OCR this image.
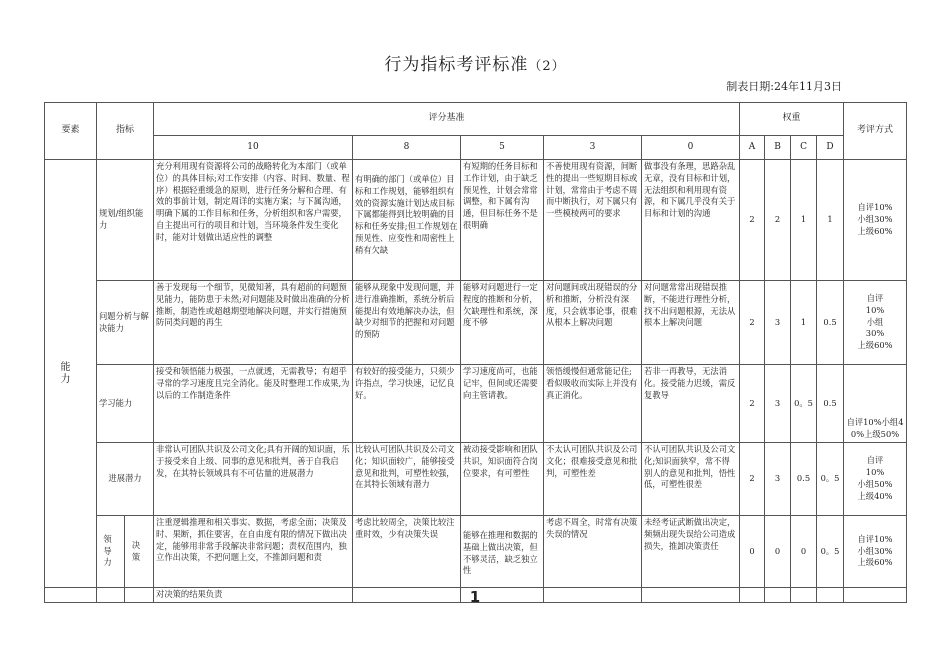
行为指标考评标准（2）
制表日期:24年11月3日
要素	指标		评分基准					权重				考评方式
			10	8	5	3	0	A	B	C	D	
能 力	规划/组织能力		充分利用现有资源将公司的战略转化为本部门（或单位）的具体目标;对工作安排（内容、时间、数量、程序）根据轻重缓急的原则，进行任务分解和合理、有效的事前计划，制定周详的实施方案；与下属沟通，明确下属的工作目标和任务，分析组织和客户需要，自主提出可行的项目和计划，当环境条件发生变化时，能对计划做出适应性的调整	有明确的部门（或单位）目标和工作规划，能够组织有效的资源实施计划达成目标下属都能得到比较明确的目标和任务安排;但工作规划在预见性、应变性和周密性上稍有欠缺	有短期的任务目标和工作计划，由于缺乏预见性，计划会常常调整，和下属有沟通，但目标任务不是很明确	不善使用现有资源，间断性的提出一些短期目标或计划，常常由于考虑不周而中断执行，对下属只有一些模棱两可的要求	做事没有条理，思路杂乱无章，没有目标和计划，无法组织和利用现有资源，和下属几乎没有关于目标和计划的沟通	2	2	1	1	自评10%
小组30%
上级60%
	问题分析与解决能力		善于发现每一个细节，见微知著，具有超前的问题预见能力，能防患于未然;对问题能及时做出准确的分析推断，制造性或超越期望地解决问题，并实行措施预防同类问题的再生	能够从现象中发现问题，并进行准确推断，系统分析后能提出有效地解决办法，但缺少对细节的把握和对问题的预防	能够对问题进行一定程度的推断和分析，欠缺理性和系统，深度不够	对问题间或出现错误的分析和推断，分析没有深度，只会就事论事，很难从根本上解决问题	对问题常常出现错误推断，不能进行理性分析，找不出问题根源，无法从根本上解决问题	2	3	1	0.5	自评
10%
小组
30%
上级60%
	学习能力		接受和领悟能力极强，一点就透，无需教导；有超乎寻常的学习速度且完全消化。能及时整理工作成果,为以后的工作制造条件	有较好的接受能力，只须少许指点，学习快速，记忆良好。	学习速度尚可，也能记牢，但间或还需要向主管请教。	领悟缓慢但通常能记住;看似吸收而实际上并没有真正消化。	若非一再教导，无法消化。接受能力迟缓，需反复教导	2	3	0。5	0.5	自评10%小组40%上级50%
	进展潜力		非常认可团队共识及公司文化;具有开阔的知识面，乐于接受来自上级、同事的意见和批判，善于自我启发，在其特长领域具有不可估量的进展潜力	比较认可团队共识及公司文化；知识面较广，能够接受意见和批判，可塑性较强，在其特长领域有潜力	被动接受影响和团队共识，知识面符合岗位要求，有可塑性	不太认可团队共识及公司文化；很难接受意见和批判，可塑性差	不认可团队共识及公司文化;知识面狭窄，常不得别人的意见和批判，悟性低，可塑性很差	2	3	0.5	0。5	自评
10%
小组50%
上级40%
	领导力	决策	注重逻辑推理和相关事实、数据，考虑全面；决策及时、果断，抓住要害，在自由度有限的情况下做出决定，能够用非常手段解决非常问题；责权范围内，独立作出决策，不把问题上交，不推卸问题和责	考虑比较周全，决策比较注重时效，少有决策失误	能够在推理和数据的基础上做出决策，但不够灵活，缺乏独立性	考虑不周全，时常有决策失误的情况	未经考证武断做出决定，频频出现失误给公司造成损失，推卸决策责任	0	0	0	0。5	自评10%
小组30%
上级60%
			对决策的结果负责										1
